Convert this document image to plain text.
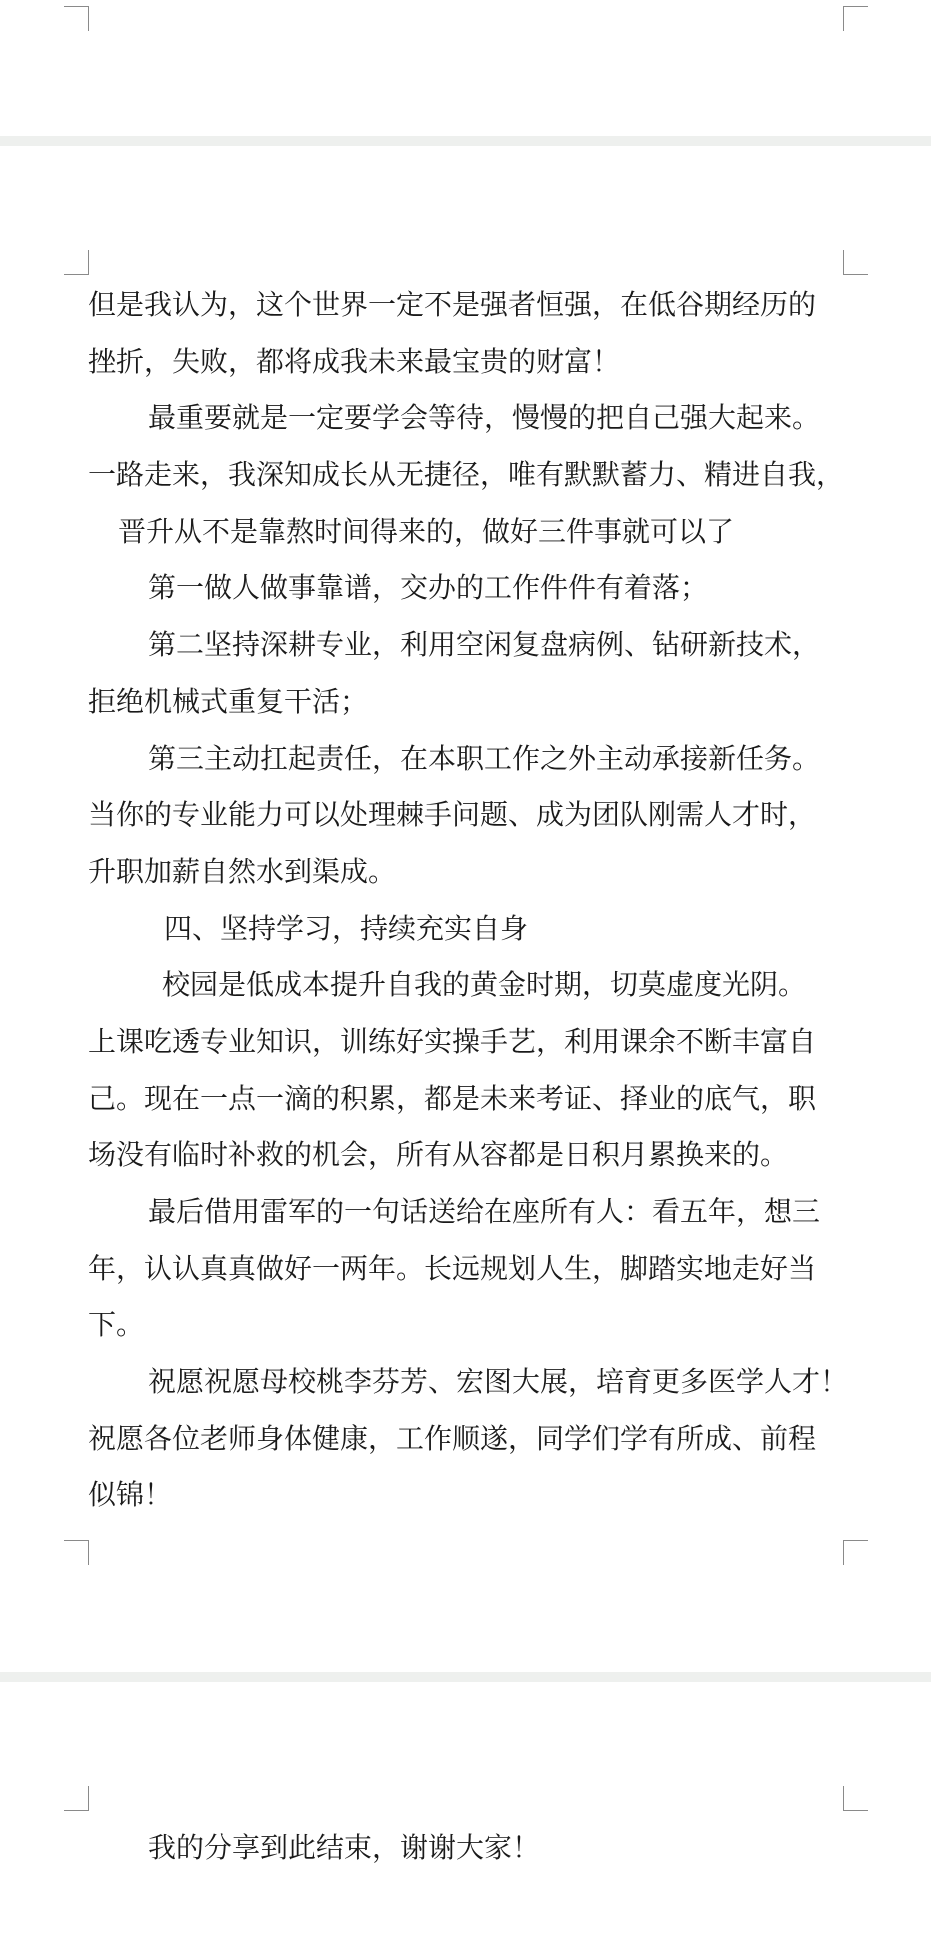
但是我认为，这个世界一定不是强者恒强，在低谷期经历的
挫折，失败，都将成我未来最宝贵的财富！
最重要就是一定要学会等待，慢慢的把自己强大起来。
一路走来，我深知成长从无捷径，唯有默默蓄力、精进自我，
晋升从不是靠熬时间得来的，做好三件事就可以了
第一做人做事靠谱，交办的工作件件有着落；
第二坚持深耕专业，利用空闲复盘病例、钻研新技术，
拒绝机械式重复干活；
第三主动扛起责任，在本职工作之外主动承接新任务。
当你的专业能力可以处理棘手问题、成为团队刚需人才时，
升职加薪自然水到渠成。
四、坚持学习，持续充实自身
校园是低成本提升自我的黄金时期，切莫虚度光阴。
上课吃透专业知识，训练好实操手艺，利用课余不断丰富自
己。现在一点一滴的积累，都是未来考证、择业的底气，职
场没有临时补救的机会，所有从容都是日积月累换来的。
最后借用雷军的一句话送给在座所有人：看五年，想三
年，认认真真做好一两年。长远规划人生，脚踏实地走好当
下。
祝愿祝愿母校桃李芬芳、宏图大展，培育更多医学人才！
祝愿各位老师身体健康，工作顺遂，同学们学有所成、前程
似锦！
我的分享到此结束，谢谢大家！
